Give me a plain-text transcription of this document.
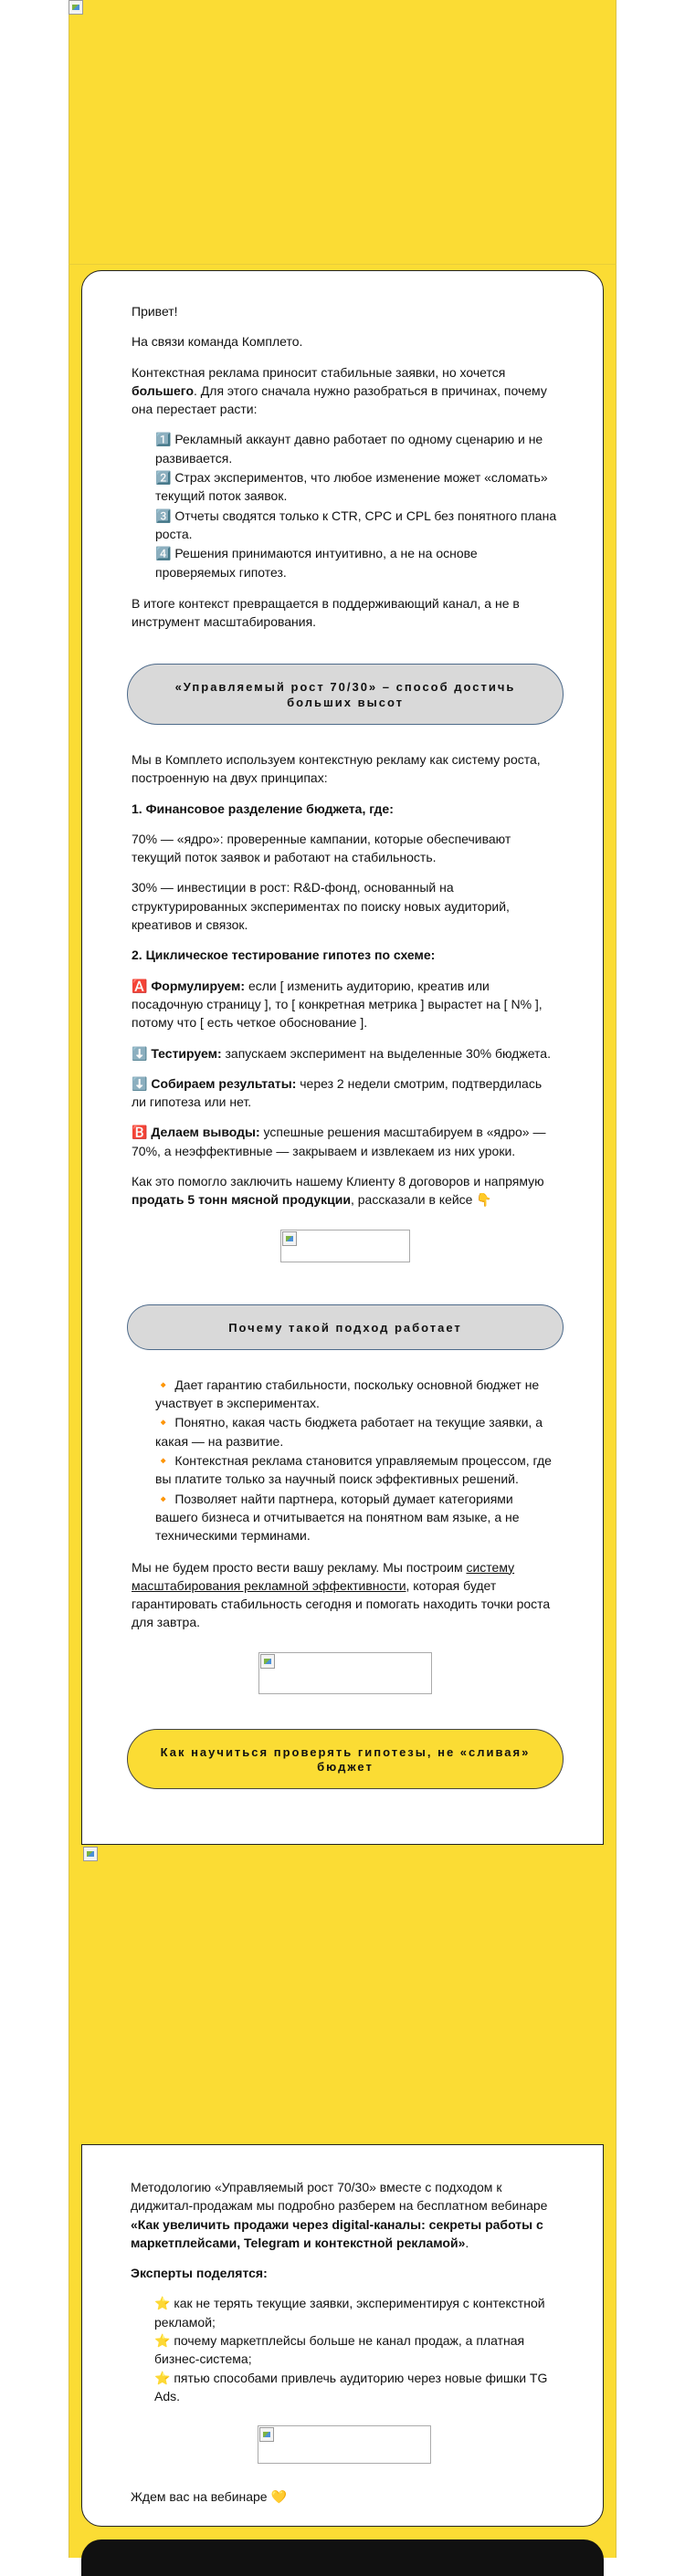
Привет!

На связи команда Комплето.

Контекстная реклама приносит стабильные заявки, но хочется большего. Для этого сначала нужно разобраться в причинах, почему она перестает расти:

1️⃣ Рекламный аккаунт давно работает по одному сценарию и не развивается.
2️⃣ Страх экспериментов, что любое изменение может «сломать» текущий поток заявок.
3️⃣ Отчеты сводятся только к CTR, CPC и CPL без понятного плана роста.
4️⃣ Решения принимаются интуитивно, а не на основе проверяемых гипотез.

В итоге контекст превращается в поддерживающий канал, а не в инструмент масштабирования.

«Управляемый рост 70/30» – способ достичь больших высот

Мы в Комплето используем контекстную рекламу как систему роста, построенную на двух принципах:

1. Финансовое разделение бюджета, где:

70% — «ядро»: проверенные кампании, которые обеспечивают текущий поток заявок и работают на стабильность.

30% — инвестиции в рост: R&D-фонд, основанный на структурированных экспериментах по поиску новых аудиторий, креативов и связок.

2. Циклическое тестирование гипотез по схеме:

🅰️ Формулируем: если [ изменить аудиторию, креатив или посадочную страницу ], то [ конкретная метрика ] вырастет на [ N% ], потому что [ есть четкое обоснование ].

⬇️ Тестируем: запускаем эксперимент на выделенные 30% бюджета.

⬇️ Собираем результаты: через 2 недели смотрим, подтвердилась ли гипотеза или нет.

🅱️ Делаем выводы: успешные решения масштабируем в «ядро» — 70%, а неэффективные — закрываем и извлекаем из них уроки.

Как это помогло заключить нашему Клиенту 8 договоров и напрямую продать 5 тонн мясной продукции, рассказали в кейсе 👇

Почему такой подход работает
🔸 Дает гарантию стабильности, поскольку основной бюджет не участвует в экспериментах.
🔸 Понятно, какая часть бюджета работает на текущие заявки, а какая — на развитие.
🔸 Контекстная реклама становится управляемым процессом, где вы платите только за научный поиск эффективных решений.
🔸 Позволяет найти партнера, который думает категориями вашего бизнеса и отчитывается на понятном вам языке, а не техническими терминами.

Мы не будем просто вести вашу рекламу. Мы построим систему масштабирования рекламной эффективности, которая будет гарантировать стабильность сегодня и помогать находить точки роста для завтра.

Как научиться проверять гипотезы, не «сливая» бюджет

Методологию «Управляемый рост 70/30» вместе с подходом к диджитал-продажам мы подробно разберем на бесплатном вебинаре «Как увеличить продажи через digital-каналы: секреты работы с маркетплейсами, Telegram и контекстной рекламой».

Эксперты поделятся:

⭐ как не терять текущие заявки, экспериментируя с контекстной рекламой;
⭐ почему маркетплейсы больше не канал продаж, а платная бизнес-система;
⭐ пятью способами привлечь аудиторию через новые фишки TG Ads.

Ждем вас на вебинаре 💛
